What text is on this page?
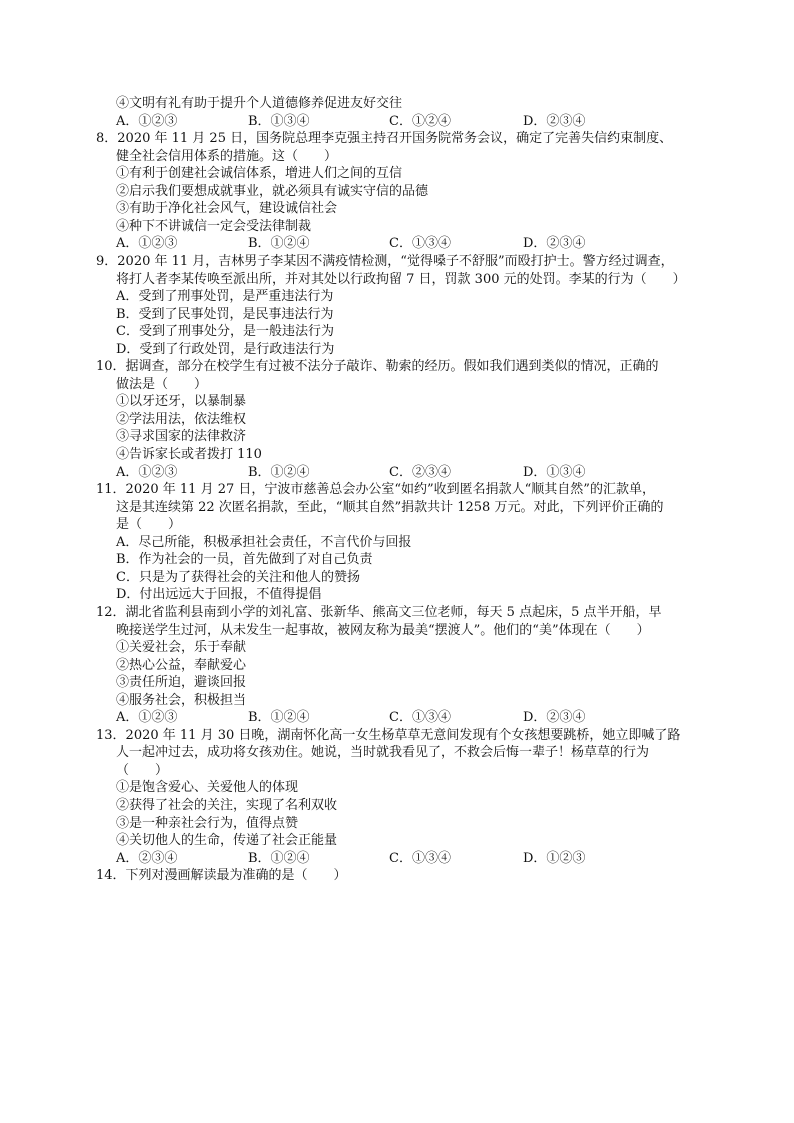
④文明有礼有助于提升个人道德修养促进友好交往
A．①②③	B．①③④	C．①②④	D．②③④
8．2020 年 11 月 25 日，国务院总理李克强主持召开国务院常务会议，确定了完善失信约束制度、
健全社会信用体系的措施。这（　　）
①有利于创建社会诚信体系，增进人们之间的互信
②启示我们要想成就事业，就必须具有诚实守信的品德
③有助于净化社会风气，建设诚信社会
④种下不讲诚信一定会受法律制裁
A．①②③	B．①②④	C．①③④	D．②③④
9．2020 年 11 月，吉林男子李某因不满疫情检测，“觉得嗓子不舒服”而殴打护士。警方经过调查，
将打人者李某传唤至派出所，并对其处以行政拘留 7 日，罚款 300 元的处罚。李某的行为（　　）
A．受到了刑事处罚，是严重违法行为
B．受到了民事处罚，是民事违法行为
C．受到了刑事处分，是一般违法行为
D．受到了行政处罚，是行政违法行为
10．据调查，部分在校学生有过被不法分子敲诈、勒索的经历。假如我们遇到类似的情况，正确的
做法是（　　）
①以牙还牙，以暴制暴
②学法用法，依法维权
③寻求国家的法律救济
④告诉家长或者拨打 110
A．①②③	B．①②④	C．②③④	D．①③④
11．2020 年 11 月 27 日，宁波市慈善总会办公室“如约”收到匿名捐款人“顺其自然”的汇款单，
这是其连续第 22 次匿名捐款，至此，“顺其自然”捐款共计 1258 万元。对此，下列评价正确的
是（　　）
A．尽己所能，积极承担社会责任，不言代价与回报
B．作为社会的一员，首先做到了对自己负责
C．只是为了获得社会的关注和他人的赞扬
D．付出远远大于回报，不值得提倡
12．湖北省监利县南到小学的刘礼富、张新华、熊高文三位老师，每天 5 点起床，5 点半开船，早
晚接送学生过河，从未发生一起事故，被网友称为最美“摆渡人”。他们的“美”体现在（　　）
①关爱社会，乐于奉献
②热心公益，奉献爱心
③责任所迫，避谈回报
④服务社会，积极担当
A．①②③	B．①②④	C．①③④	D．②③④
13．2020 年 11 月 30 日晚，湖南怀化高一女生杨草草无意间发现有个女孩想要跳桥，她立即喊了路
人一起冲过去，成功将女孩劝住。她说，当时就我看见了，不救会后悔一辈子！杨草草的行为
（　　）
①是饱含爱心、关爱他人的体现
②获得了社会的关注，实现了名利双收
③是一种亲社会行为，值得点赞
④关切他人的生命，传递了社会正能量
A．②③④	B．①②④	C．①③④	D．①②③
14．下列对漫画解读最为准确的是（　　）
